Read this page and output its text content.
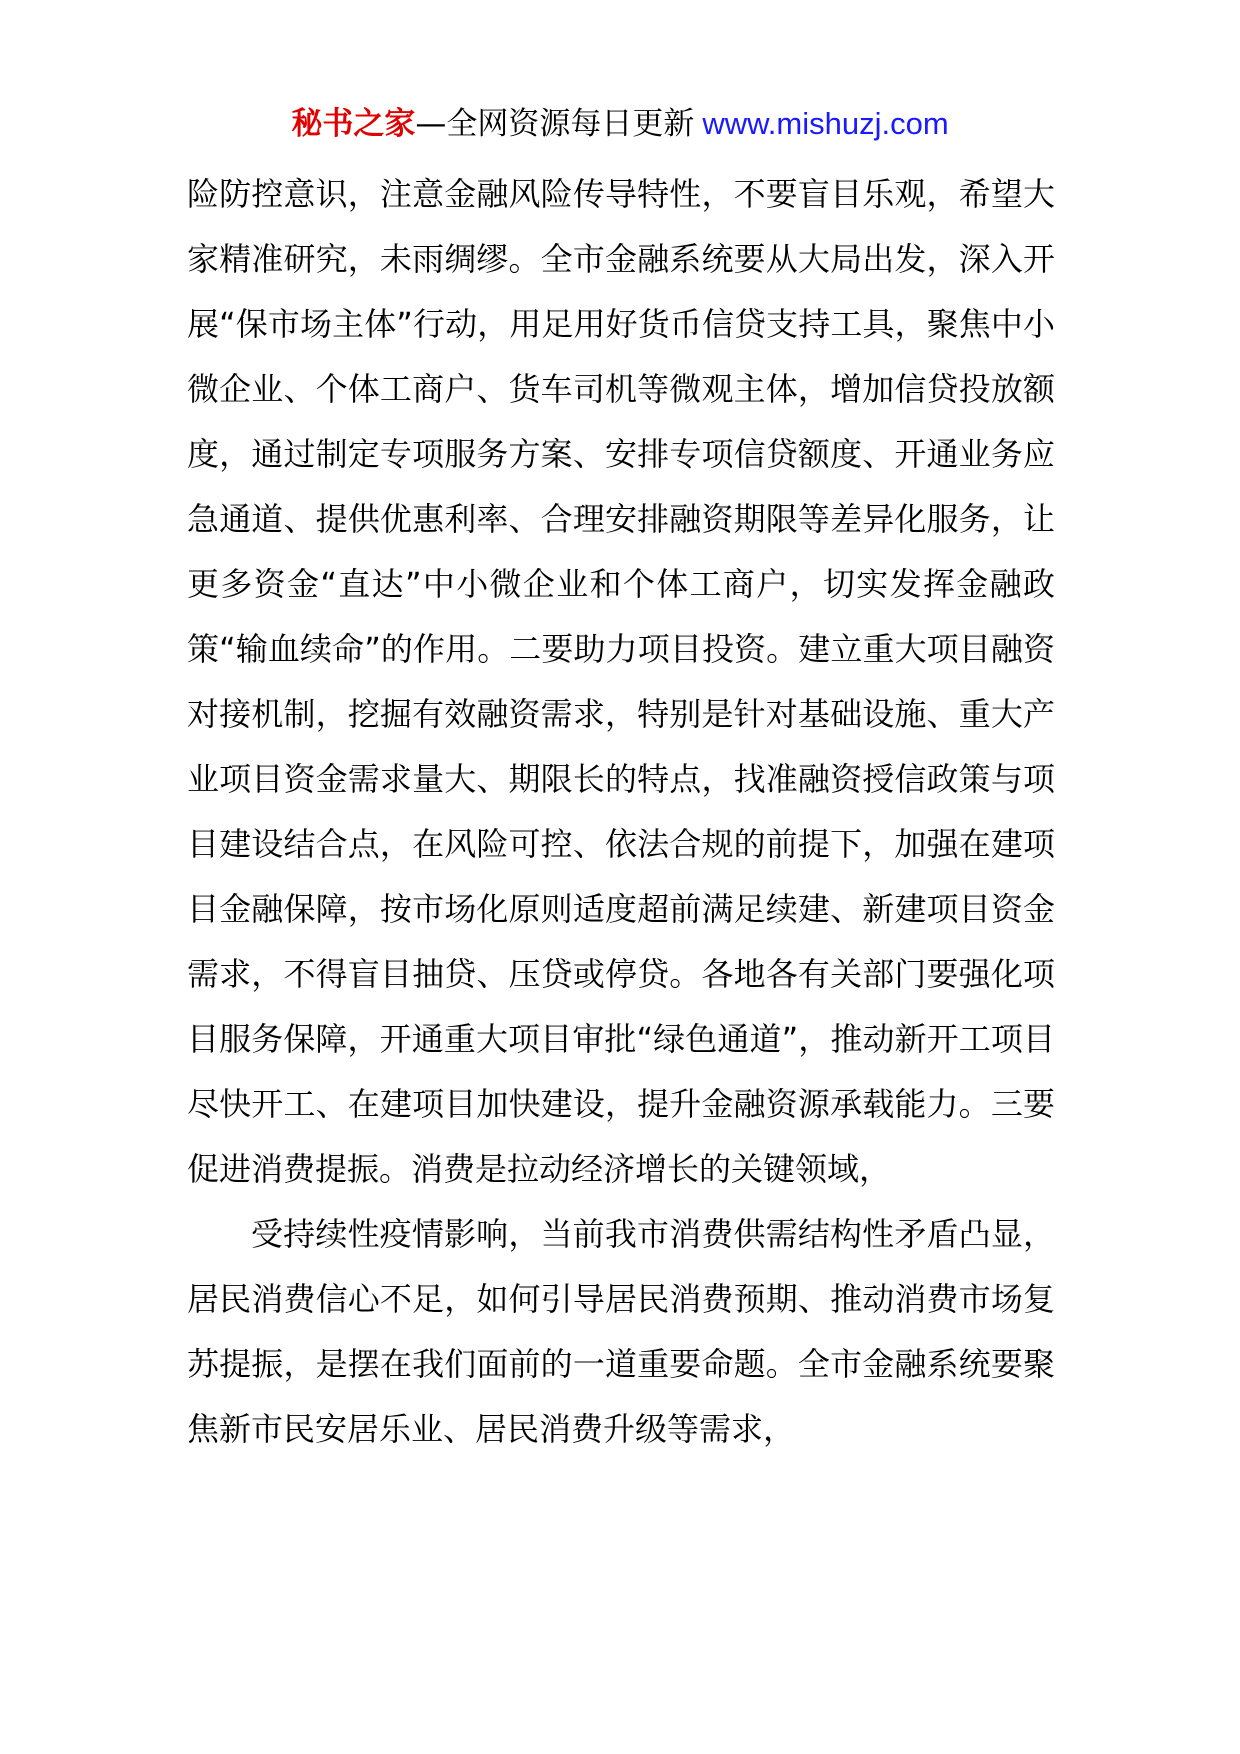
秘书之家—全网资源每日更新 www.mishuzj.com

险防控意识，注意金融风险传导特性，不要盲目乐观，希望大家精准研究，未雨绸缪。全市金融系统要从大局出发，深入开展“保市场主体”行动，用足用好货币信贷支持工具，聚焦中小微企业、个体工商户、货车司机等微观主体，增加信贷投放额度，通过制定专项服务方案、安排专项信贷额度、开通业务应急通道、提供优惠利率、合理安排融资期限等差异化服务，让更多资金“直达”中小微企业和个体工商户，切实发挥金融政策“输血续命”的作用。二要助力项目投资。建立重大项目融资对接机制，挖掘有效融资需求，特别是针对基础设施、重大产业项目资金需求量大、期限长的特点，找准融资授信政策与项目建设结合点，在风险可控、依法合规的前提下，加强在建项目金融保障，按市场化原则适度超前满足续建、新建项目资金需求，不得盲目抽贷、压贷或停贷。各地各有关部门要强化项目服务保障，开通重大项目审批“绿色通道”，推动新开工项目尽快开工、在建项目加快建设，提升金融资源承载能力。三要促进消费提振。消费是拉动经济增长的关键领域，

受持续性疫情影响，当前我市消费供需结构性矛盾凸显，居民消费信心不足，如何引导居民消费预期、推动消费市场复苏提振，是摆在我们面前的一道重要命题。全市金融系统要聚焦新市民安居乐业、居民消费升级等需求，
